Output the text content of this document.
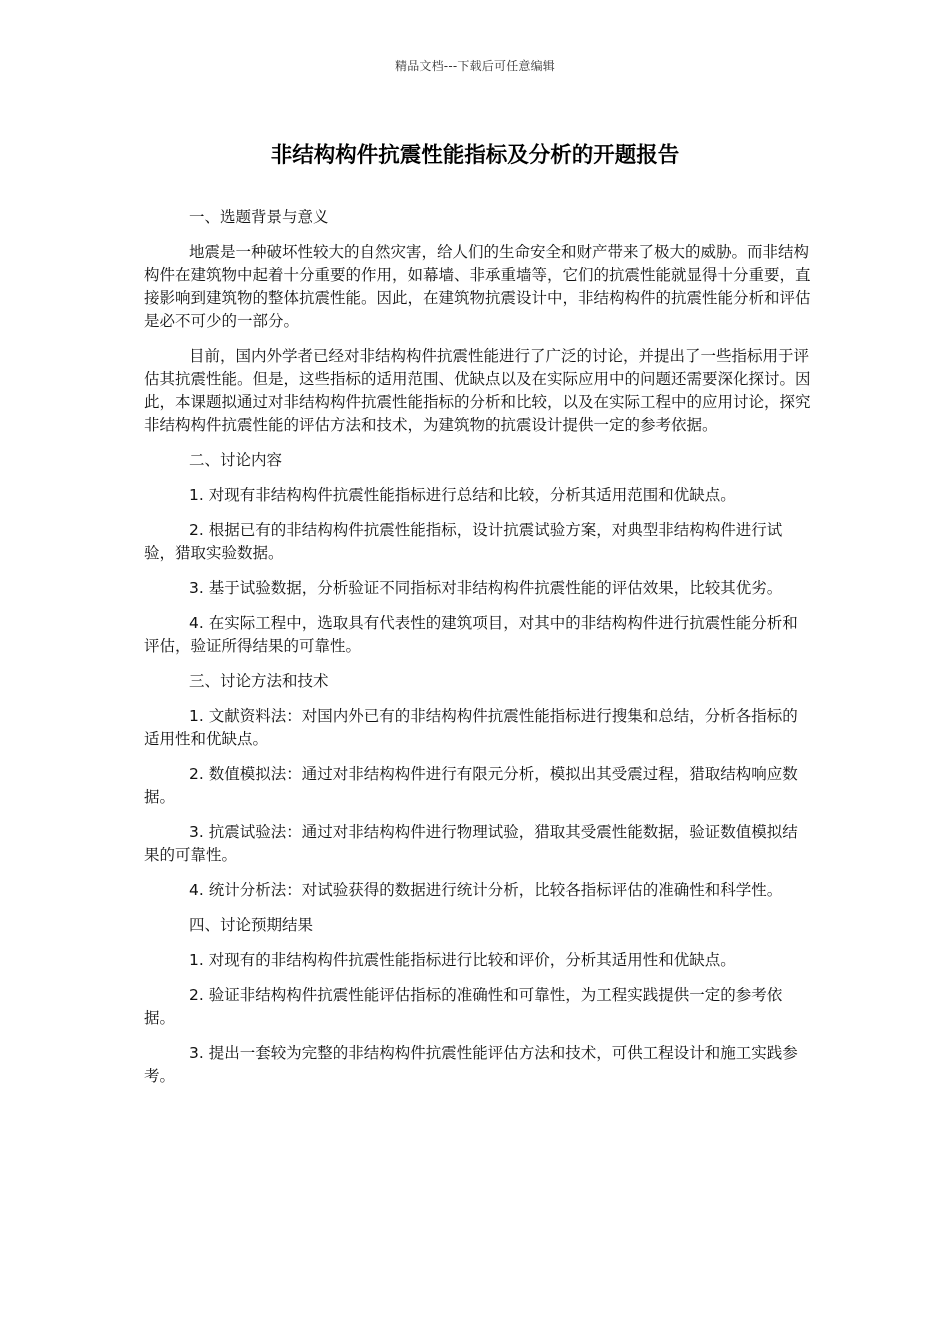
精品文档---下载后可任意编辑
非结构构件抗震性能指标及分析的开题报告
一、选题背景与意义

地震是一种破坏性较大的自然灾害，给人们的生命安全和财产带来了极大的威胁。而非结构构件在建筑物中起着十分重要的作用，如幕墙、非承重墙等，它们的抗震性能就显得十分重要，直接影响到建筑物的整体抗震性能。因此，在建筑物抗震设计中，非结构构件的抗震性能分析和评估是必不可少的一部分。

目前，国内外学者已经对非结构构件抗震性能进行了广泛的讨论，并提出了一些指标用于评估其抗震性能。但是，这些指标的适用范围、优缺点以及在实际应用中的问题还需要深化探讨。因此，本课题拟通过对非结构构件抗震性能指标的分析和比较，以及在实际工程中的应用讨论，探究非结构构件抗震性能的评估方法和技术，为建筑物的抗震设计提供一定的参考依据。

二、讨论内容

1. 对现有非结构构件抗震性能指标进行总结和比较，分析其适用范围和优缺点。

2. 根据已有的非结构构件抗震性能指标，设计抗震试验方案，对典型非结构构件进行试验，猎取实验数据。

3. 基于试验数据，分析验证不同指标对非结构构件抗震性能的评估效果，比较其优劣。

4. 在实际工程中，选取具有代表性的建筑项目，对其中的非结构构件进行抗震性能分析和评估，验证所得结果的可靠性。

三、讨论方法和技术

1. 文献资料法：对国内外已有的非结构构件抗震性能指标进行搜集和总结，分析各指标的适用性和优缺点。

2. 数值模拟法：通过对非结构构件进行有限元分析，模拟出其受震过程，猎取结构响应数据。

3. 抗震试验法：通过对非结构构件进行物理试验，猎取其受震性能数据，验证数值模拟结果的可靠性。

4. 统计分析法：对试验获得的数据进行统计分析，比较各指标评估的准确性和科学性。

四、讨论预期结果

1. 对现有的非结构构件抗震性能指标进行比较和评价，分析其适用性和优缺点。

2. 验证非结构构件抗震性能评估指标的准确性和可靠性，为工程实践提供一定的参考依据。

3. 提出一套较为完整的非结构构件抗震性能评估方法和技术，可供工程设计和施工实践参考。
